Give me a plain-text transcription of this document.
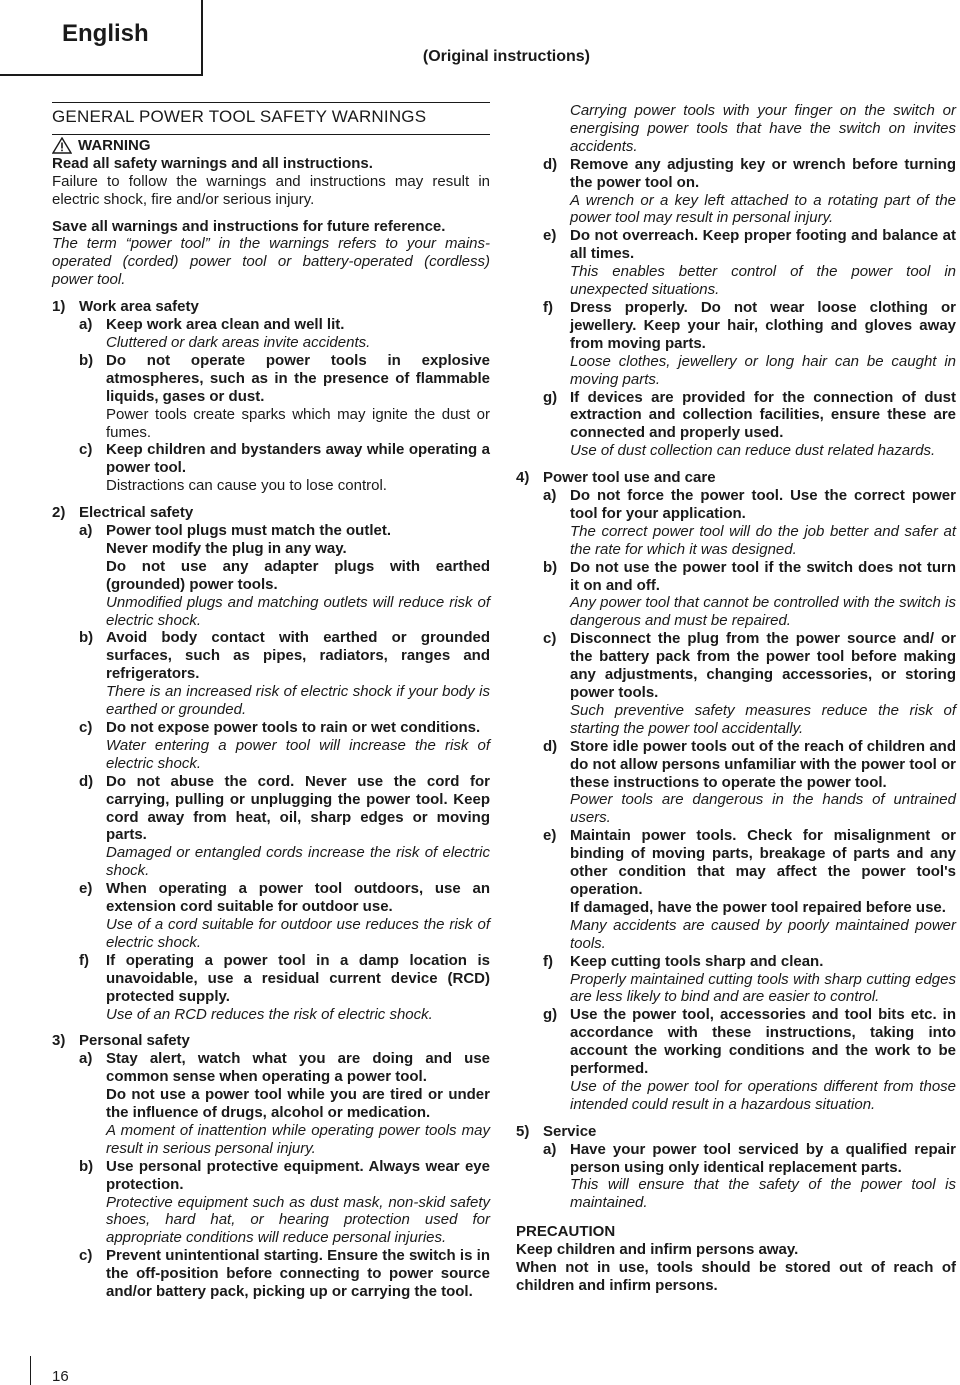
English
(Original instructions)
GENERAL POWER TOOL SAFETY WARNINGS
WARNING

Read all safety warnings and all instructions.

Failure to follow the warnings and instructions may result in electric shock, fire and/or serious injury.

Save all warnings and instructions for future reference.

The term “power tool” in the warnings refers to your mains-operated (corded) power tool or battery-operated (cordless) power tool.

1) Work area safety
a) Keep work area clean and well lit.

Cluttered or dark areas invite accidents.

b) Do not operate power tools in explosive atmospheres, such as in the presence of flammable liquids, gases or dust.

Power tools create sparks which may ignite the dust or fumes.

c) Keep children and bystanders away while operating a power tool.

Distractions can cause you to lose control.

2) Electrical safety
a) Power tool plugs must match the outlet.

Never modify the plug in any way.

Do not use any adapter plugs with earthed (grounded) power tools.

Unmodified plugs and matching outlets will reduce risk of electric shock.

b) Avoid body contact with earthed or grounded surfaces, such as pipes, radiators, ranges and refrigerators.

There is an increased risk of electric shock if your body is earthed or grounded.

c) Do not expose power tools to rain or wet conditions.

Water entering a power tool will increase the risk of electric shock.

d) Do not abuse the cord. Never use the cord for carrying, pulling or unplugging the power tool. Keep cord away from heat, oil, sharp edges or moving parts.

Damaged or entangled cords increase the risk of electric shock.

e) When operating a power tool outdoors, use an extension cord suitable for outdoor use.

Use of a cord suitable for outdoor use reduces the risk of electric shock.

f)	If operating a power tool in a damp location is unavoidable, use a residual current device (RCD) protected supply.

Use of an RCD reduces the risk of electric shock.

3) Personal safety
a) Stay alert, watch what you are doing and use common sense when operating a power tool.

Do not use a power tool while you are tired or under the influence of drugs, alcohol or medication.

A moment of inattention while operating power tools may result in serious personal injury.

b) Use personal protective equipment. Always wear eye protection.

Protective equipment such as dust mask, non-skid safety shoes, hard hat, or hearing protection used for appropriate conditions will reduce personal injuries.

c) Prevent unintentional starting. Ensure the switch is in the off-position before connecting to power source and/or battery pack, picking up or carrying the tool.

Carrying power tools with your finger on the switch or energising power tools that have the switch on invites accidents.

d) Remove any adjusting key or wrench before turning the power tool on.

A wrench or a key left attached to a rotating part of the power tool may result in personal injury.

e) Do not overreach. Keep proper footing and balance at all times.

This enables better control of the power tool in unexpected situations.

f)	Dress properly. Do not wear loose clothing or jewellery. Keep your hair, clothing and gloves away from moving parts.

Loose clothes, jewellery or long hair can be caught in moving parts.

g) If devices are provided for the connection of dust extraction and collection facilities, ensure these are connected and properly used.

Use of dust collection can reduce dust related hazards.

4) Power tool use and care
a) Do not force the power tool. Use the correct power tool for your application.

The correct power tool will do the job better and safer at the rate for which it was designed.

b) Do not use the power tool if the switch does not turn it on and off.

Any power tool that cannot be controlled with the switch is dangerous and must be repaired.

c) Disconnect the plug from the power source and/ or the battery pack from the power tool before making any adjustments, changing accessories, or storing power tools.

Such preventive safety measures reduce the risk of starting the power tool accidentally.

d) Store idle power tools out of the reach of children and do not allow persons unfamiliar with the power tool or these instructions to operate the power tool.

Power tools are dangerous in the hands of untrained users.

e) Maintain power tools. Check for misalignment or binding of moving parts, breakage of parts and any other condition that may affect the power tool's operation.

If damaged, have the power tool repaired before use.

Many accidents are caused by poorly maintained power tools.

f)	Keep cutting tools sharp and clean.

Properly maintained cutting tools with sharp cutting edges are less likely to bind and are easier to control.

g) Use the power tool, accessories and tool bits etc. in accordance with these instructions, taking into account the working conditions and the work to be performed.

Use of the power tool for operations different from those intended could result in a hazardous situation.

5) Service
a) Have your power tool serviced by a qualified repair person using only identical replacement parts.

This will ensure that the safety of the power tool is maintained.

PRECAUTION

Keep children and infirm persons away.

When not in use, tools should be stored out of reach of children and infirm persons.

16
